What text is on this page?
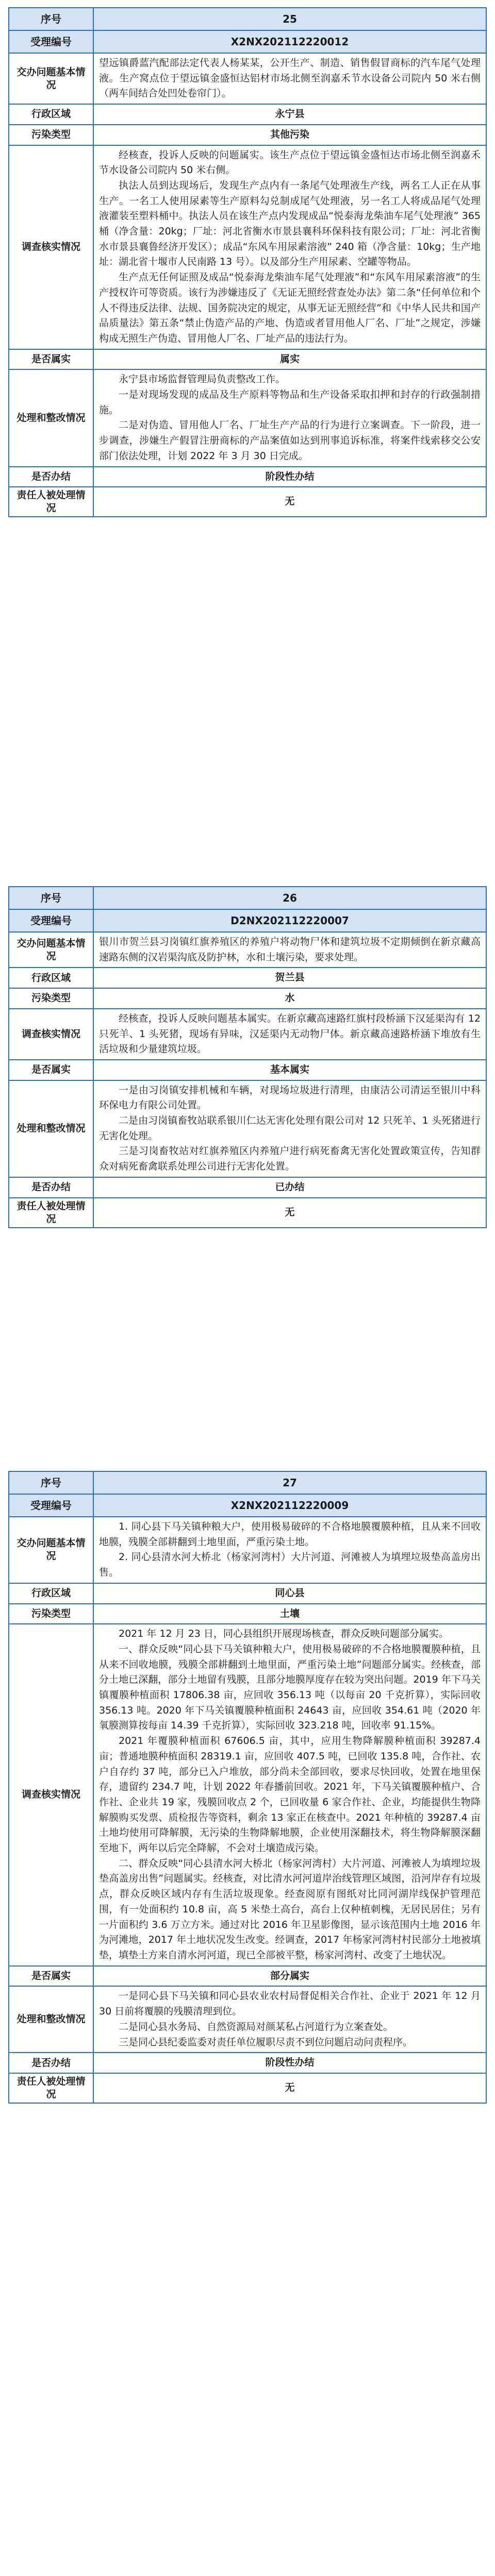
序号	25
受理编号	X2NX202112220012
交办问题基本情况	望远镇爵蓝汽配部法定代表人杨某某，公开生产、制造、销售假冒商标的汽车尾气处理液。生产窝点位于望远镇金盛恒达铝材市场北侧至润嘉禾节水设备公司院内 50 米右侧（两车间结合处凹处卷帘门）。
行政区域	永宁县
污染类型	其他污染
调查核实情况	经核查，投诉人反映的问题属实。该生产点位于望远镇金盛恒达市场北侧至润嘉禾节水设备公司院内 50 米右侧。
执法人员到达现场后，发现生产点内有一条尾气处理液生产线，两名工人正在从事生产。一名工人使用尿素等生产原料勾兑制成尾气处理液，另一名工人将成品尾气处理液灌装至塑料桶中。执法人员在该生产点内发现成品“悦泰海龙柴油车尾气处理液” 365 桶（净含量：20kg；厂址：河北省衡水市景县襄科环保科技有限公司；厂址：河北省衡水市景县襄鲁经济开发区）；成品“东风车用尿素溶液” 240 箱（净含量：10kg；生产地址：湖北省十堰市人民南路 13 号）。以及部分生产用尿素、空罐等物品。
生产点无任何证照及成品“悦泰海龙柴油车尾气处理液”和“东风车用尿素溶液”的生产授权许可等资质。该行为涉嫌违反了《无证无照经营查处办法》第二条“任何单位和个人不得违反法律、法规、国务院决定的规定，从事无证无照经营”和《中华人民共和国产品质量法》第五条“禁止伪造产品的产地、伪造或者冒用他人厂名、厂址”之规定，涉嫌构成无照生产伪造、冒用他人厂名、厂址产品的违法行为。

是否属实	属实
处理和整改情况	永宁县市场监督管理局负责整改工作。
一是对现场发现的成品及生产原料等物品和生产设备采取扣押和封存的行政强制措施。
二是对伪造、冒用他人厂名、厂址生产产品的行为进行立案调查。下一阶段，进一步调查，涉嫌生产假冒注册商标的产品案值如达到刑事追诉标准，将案件线索移交公安部门依法处理，计划 2022 年 3 月 30 日完成。

是否办结	阶段性办结
责任人被处理情况	无
序号	26
受理编号	D2NX202112220007
交办问题基本情况	银川市贺兰县习岗镇红旗养殖区的养殖户将动物尸体和建筑垃圾不定期倾倒在新京藏高速路东侧的汉岩渠沟底及防护林，水和土壤污染，要求处理。
行政区域	贺兰县
污染类型	水
调查核实情况	经核查，投诉人反映问题基本属实。在新京藏高速路红旗村段桥涵下汉延渠沟有 12 只死羊、1 头死猪，现场有异味，汉延渠内无动物尸体。新京藏高速路桥涵下堆放有生活垃圾和少量建筑垃圾。

是否属实	基本属实
处理和整改情况	一是由习岗镇安排机械和车辆，对现场垃圾进行清理，由康洁公司清运至银川中科环保电力有限公司处置。
二是由习岗镇畜牧站联系银川仁达无害化处理有限公司对 12 只死羊、1 头死猪进行无害化处理。
三是习岗畜牧站对红旗养殖区内养殖户进行病死畜禽无害化处置政策宣传，告知群众对病死畜禽联系处理公司进行无害化处置。

是否办结	已办结
责任人被处理情况	无
序号	27
受理编号	X2NX202112220009
交办问题基本情况	1. 同心县下马关镇种粮大户，使用极易破碎的不合格地膜覆膜种植，且从来不回收地膜，残膜全部耕翻到土地里面，严重污染土地。
2. 同心县清水河大桥北（杨家河湾村）大片河道、河滩被人为填埋垃圾垫高盖房出售。

行政区域	同心县
污染类型	土壤
调查核实情况	2021 年 12 月 23 日，同心县组织开展现场核查，群众反映问题部分属实。
一、群众反映“同心县下马关镇种粮大户，使用极易破碎的不合格地膜覆膜种植，且从来不回收地膜，残膜全部耕翻到土地里面，严重污染土地”问题部分属实。经核查，部分土地已深翻，部分土地留有残膜，且部分地膜厚度存在较为突出问题。2019 年下马关镇覆膜种植面积 17806.38 亩，应回收 356.13 吨（以每亩 20 千克折算），实际回收 356.13 吨。2020 年下马关镇覆膜种植面积 24643 亩，应回收 354.61 吨（2020 年氧膜测算按每亩 14.39 千克折算），实际回收 323.218 吨，回收率 91.15%。
2021 年覆膜种植面积 67606.5 亩，其中，应用生物降解膜种植面积 39287.4 亩；普通地膜种植面积 28319.1 亩，应回收 407.5 吨，已回收 135.8 吨，合作社、农户自存约 37 吨，部分已入户堆放，部分尚未全部回收，要求尽快回收，处置在地里保存，遗留约 234.7 吨，计划 2022 年春播前回收。2021 年，下马关镇覆膜种植户、合作社、企业共 19 家，残膜回收点 2 个，已回收量 6 家合作社、企业，均能提供生物降解膜购买发票、质检报告等资料，剩余 13 家正在核查中。2021 年种植的 39287.4 亩土地均使用可降解膜，无污染的生物降解地膜，企业使用深翻技术，将生物降解膜深翻至地下，两年以后完全降解，不会对土壤造成污染。
二、群众反映“同心县清水河大桥北（杨家河湾村）大片河道、河滩被人为填埋垃圾垫高盖房出售”问题属实。经核查，对比清水河河道岸治线管理区域图，沿河岸存有垃圾点，群众反映区域内存有生活垃圾现象。经查阅原有图纸对比同河湖岸线保护管理范围，有一处面积约 10.8 亩，高 5 米垫土高台，高台上仅种植刺槐，无居民居住；另有一片面积约 3.6 万立方米。通过对比 2016 年卫星影像图，显示该范围内土地 2016 年为河滩地，2017 年土地状况发生改变。经调查，2017 年杨家河湾村村民部分土地被填垫，填垫土方来自清水河河道，现已全部被平整，杨家河湾村、改变了土地状况。

是否属实	部分属实
处理和整改情况	一是同心县下马关镇和同心县农业农村局督促相关合作社、企业于 2021 年 12 月 30 日前将覆膜的残膜清理到位。
二是同心县水务局、自然资源局对颜某私占河道行为立案查处。
三是同心县纪委监委对责任单位履职尽责不到位问题启动问责程序。

是否办结	阶段性办结
责任人被处理情况	无
